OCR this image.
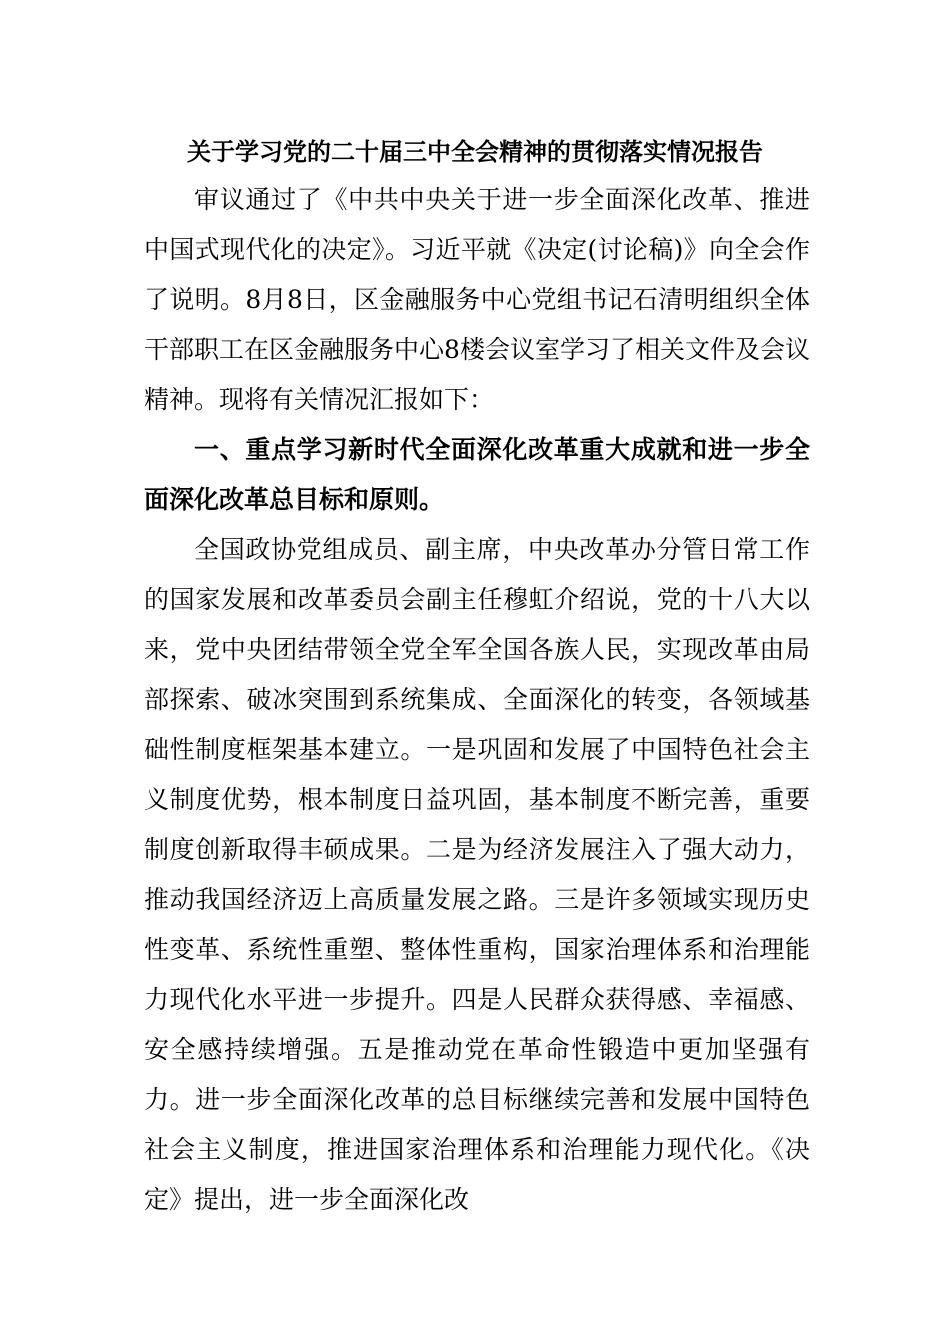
关于学习党的二十届三中全会精神的贯彻落实情况报告

审议通过了《中共中央关于进一步全面深化改革、推进中国式现代化的决定》。习近平就《决定(讨论稿)》向全会作了说明。8月8日，区金融服务中心党组书记石清明组织全体干部职工在区金融服务中心8楼会议室学习了相关文件及会议精神。现将有关情况汇报如下：

一、重点学习新时代全面深化改革重大成就和进一步全面深化改革总目标和原则。

全国政协党组成员、副主席，中央改革办分管日常工作的国家发展和改革委员会副主任穆虹介绍说，党的十八大以来，党中央团结带领全党全军全国各族人民，实现改革由局部探索、破冰突围到系统集成、全面深化的转变，各领域基础性制度框架基本建立。一是巩固和发展了中国特色社会主义制度优势，根本制度日益巩固，基本制度不断完善，重要制度创新取得丰硕成果。二是为经济发展注入了强大动力，推动我国经济迈上高质量发展之路。三是许多领域实现历史性变革、系统性重塑、整体性重构，国家治理体系和治理能力现代化水平进一步提升。四是人民群众获得感、幸福感、安全感持续增强。五是推动党在革命性锻造中更加坚强有力。进一步全面深化改革的总目标继续完善和发展中国特色社会主义制度，推进国家治理体系和治理能力现代化。《决定》提出，进一步全面深化改
